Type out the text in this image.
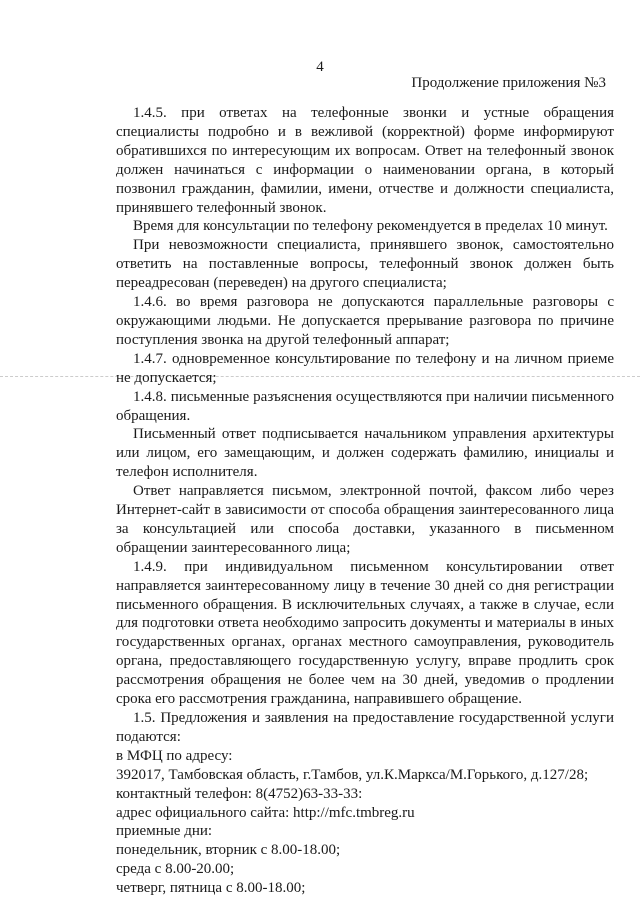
4
Продолжение приложения №3

1.4.5. при ответах на телефонные звонки и устные обращения специалисты подробно и в вежливой (корректной) форме информируют обратившихся по интересующим их вопросам. Ответ на телефонный звонок должен начинаться с информации о наименовании органа, в который позвонил гражданин, фамилии, имени, отчестве и должности специалиста, принявшего телефонный звонок.

Время для консультации по телефону рекомендуется в пределах 10 минут.

При невозможности специалиста, принявшего звонок, самостоятельно ответить на поставленные вопросы, телефонный звонок должен быть переадресован (переведен) на другого специалиста;

1.4.6. во время разговора не допускаются параллельные разговоры с окружающими людьми. Не допускается прерывание разговора по причине поступления звонка на другой телефонный аппарат;

1.4.7. одновременное консультирование по телефону и на личном приеме не допускается;

1.4.8. письменные разъяснения осуществляются при наличии письменного обращения.

Письменный ответ подписывается начальником управления архитектуры или лицом, его замещающим, и должен содержать фамилию, инициалы и телефон исполнителя.

Ответ направляется письмом, электронной почтой, факсом либо через Интернет-сайт в зависимости от способа обращения заинтересованного лица за консультацией или способа доставки, указанного в письменном обращении заинтересованного лица;

1.4.9. при индивидуальном письменном консультировании ответ направляется заинтересованному лицу в течение 30 дней со дня регистрации письменного обращения. В исключительных случаях, а также в случае, если для подготовки ответа необходимо запросить документы и материалы в иных государственных органах, органах местного самоуправления, руководитель органа, предоставляющего государственную услугу, вправе продлить срок рассмотрения обращения не более чем на 30 дней, уведомив о продлении срока его рассмотрения гражданина, направившего обращение.

1.5. Предложения и заявления на предоставление государственной услуги подаются:

в МФЦ по адресу:

392017, Тамбовская область, г.Тамбов, ул.К.Маркса/М.Горького, д.127/28;

контактный телефон: 8(4752)63-33-33:

адрес официального сайта: http://mfc.tmbreg.ru

приемные дни:

понедельник, вторник с 8.00-18.00;

среда с 8.00-20.00;

четверг, пятница с 8.00-18.00;
